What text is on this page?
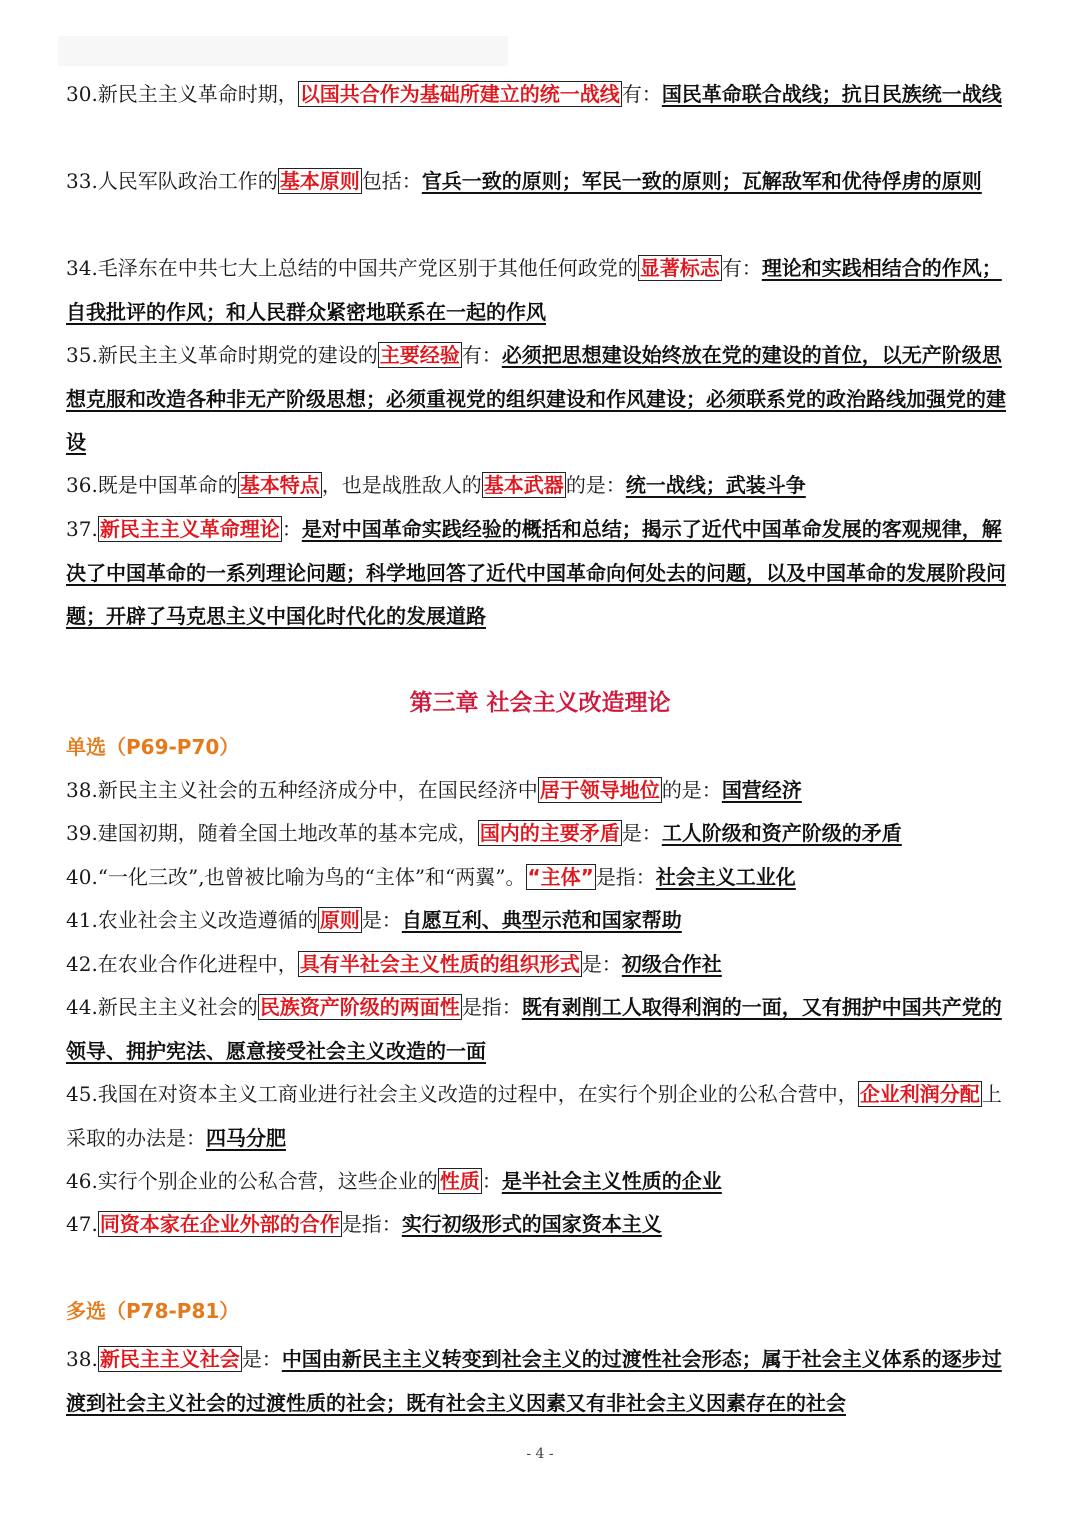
30.新民主主义革命时期， 以国共合作为基础所建立的统一战线 有：国民革命联合战线；抗日民族统一战线
33.人民军队政治工作的 基本原则 包括：官兵一致的原则；军民一致的原则；瓦解敌军和优待俘虏的原则
34.毛泽东在中共七大上总结的中国共产党区别于其他任何政党的 显著标志 有：理论和实践相结合的作风；自我批评的作风；和人民群众紧密地联系在一起的作风
35.新民主主义革命时期党的建设的 主要经验 有：必须把思想建设始终放在党的建设的首位，以无产阶级思想克服和改造各种非无产阶级思想；必须重视党的组织建设和作风建设；必须联系党的政治路线加强党的建设
36.既是中国革命的 基本特点 ，也是战胜敌人的 基本武器 的是：统一战线；武装斗争
37. 新民主主义革命理论 ：是对中国革命实践经验的概括和总结；揭示了近代中国革命发展的客观规律，解决了中国革命的一系列理论问题；科学地回答了近代中国革命向何处去的问题，以及中国革命的发展阶段问题；开辟了马克思主义中国化时代化的发展道路
第三章 社会主义改造理论
单选（P69-P70）
38.新民主主义社会的五种经济成分中，在国民经济中 居于领导地位 的是：国营经济
39.建国初期，随着全国土地改革的基本完成， 国内的主要矛盾 是：工人阶级和资产阶级的矛盾
40.“一化三改”,也曾被比喻为鸟的“主体”和“两翼”。 “主体” 是指：社会主义工业化
41.农业社会主义改造遵循的 原则 是：自愿互利、典型示范和国家帮助
42.在农业合作化进程中， 具有半社会主义性质的组织形式 是：初级合作社
44.新民主主义社会的 民族资产阶级的两面性 是指：既有剥削工人取得利润的一面，又有拥护中国共产党的领导、拥护宪法、愿意接受社会主义改造的一面
45.我国在对资本主义工商业进行社会主义改造的过程中，在实行个别企业的公私合营中， 企业利润分配 上采取的办法是：四马分肥
46.实行个别企业的公私合营，这些企业的 性质 ：是半社会主义性质的企业
47. 同资本家在企业外部的合作 是指：实行初级形式的国家资本主义
多选（P78-P81）
38. 新民主主义社会 是：中国由新民主主义转变到社会主义的过渡性社会形态；属于社会主义体系的逐步过渡到社会主义社会的过渡性质的社会；既有社会主义因素又有非社会主义因素存在的社会
- 4 -
